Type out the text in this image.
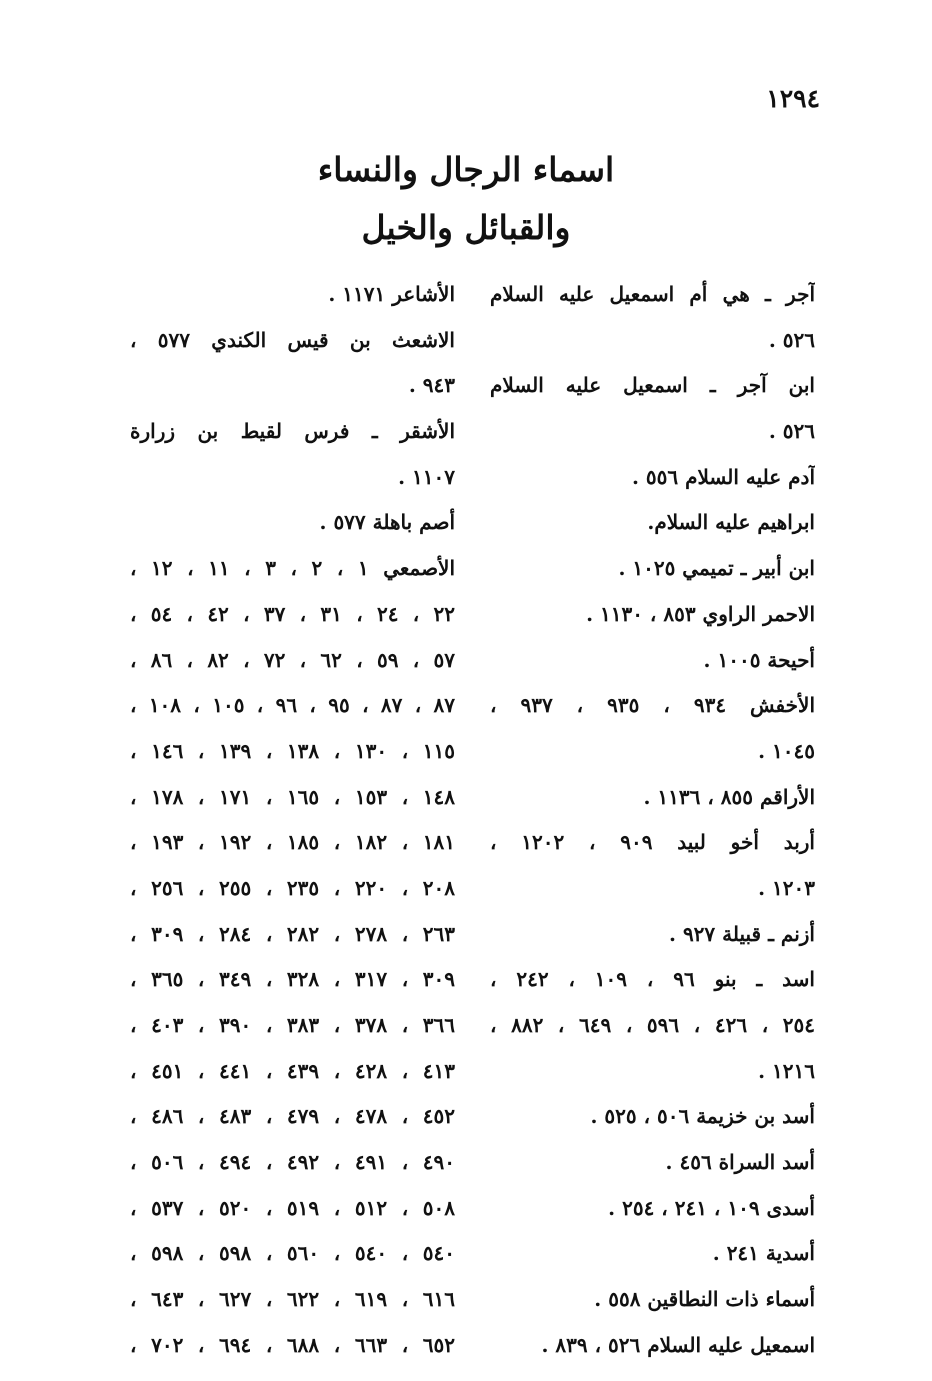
١٢٩٤
اسماء الرجال والنساء
والقبائل والخيل
آجر ـ هي أم اسمعيل عليه السلام
٥٢٦ .
ابن آجر ـ اسمعيل عليه السلام
٥٢٦ .
آدم عليه السلام ٥٥٦ .
ابراهيم عليه السلام.
ابن أبير ـ تميمي ١٠٢٥ .
الاحمر الراوي ٨٥٣ ، ١١٣٠ .
أحيحة ١٠٠٥ .
الأخفش ٩٣٤ ، ٩٣٥ ، ٩٣٧ ،
١٠٤٥ .
الأراقم ٨٥٥ ، ١١٣٦ .
أربد أخو لبيد ٩٠٩ ، ١٢٠٢ ،
١٢٠٣ .
أزنم ـ قبيلة ٩٢٧ .
اسد ـ بنو ٩٦ ، ١٠٩ ، ٢٤٢ ،
٢٥٤ ، ٤٢٦ ، ٥٩٦ ، ٦٤٩ ، ٨٨٢ ،
١٢١٦ .
أسد بن خزيمة ٥٠٦ ، ٥٢٥ .
أسد السراة ٤٥٦ .
أسدى ١٠٩ ، ٢٤١ ، ٢٥٤ .
أسدية ٢٤١ .
أسماء ذات النطاقين ٥٥٨ .
اسمعيل عليه السلام ٥٢٦ ، ٨٣٩ .
الأشاعر ١١٧١ .
الاشعث بن قيس الكندي ٥٧٧ ،
٩٤٣ .
الأشقر ـ فرس لقيط بن زرارة
١١٠٧ .
أصم باهلة ٥٧٧ .
الأصمعي ١ ، ٢ ، ٣ ، ١١ ، ١٢ ،
٢٢ ، ٢٤ ، ٣١ ، ٣٧ ، ٤٢ ، ٥٤ ،
٥٧ ، ٥٩ ، ٦٢ ، ٧٢ ، ٨٢ ، ٨٦ ،
٨٧ ، ٨٧ ، ٩٥ ، ٩٦ ، ١٠٥ ، ١٠٨ ،
١١٥ ، ١٣٠ ، ١٣٨ ، ١٣٩ ، ١٤٦ ،
١٤٨ ، ١٥٣ ، ١٦٥ ، ١٧١ ، ١٧٨ ،
١٨١ ، ١٨٢ ، ١٨٥ ، ١٩٢ ، ١٩٣ ،
٢٠٨ ، ٢٢٠ ، ٢٣٥ ، ٢٥٥ ، ٢٥٦ ،
٢٦٣ ، ٢٧٨ ، ٢٨٢ ، ٢٨٤ ، ٣٠٩ ،
٣٠٩ ، ٣١٧ ، ٣٢٨ ، ٣٤٩ ، ٣٦٥ ،
٣٦٦ ، ٣٧٨ ، ٣٨٣ ، ٣٩٠ ، ٤٠٣ ،
٤١٣ ، ٤٢٨ ، ٤٣٩ ، ٤٤١ ، ٤٥١ ،
٤٥٢ ، ٤٧٨ ، ٤٧٩ ، ٤٨٣ ، ٤٨٦ ،
٤٩٠ ، ٤٩١ ، ٤٩٢ ، ٤٩٤ ، ٥٠٦ ،
٥٠٨ ، ٥١٢ ، ٥١٩ ، ٥٢٠ ، ٥٣٧ ،
٥٤٠ ، ٥٤٠ ، ٥٦٠ ، ٥٩٨ ، ٥٩٨ ،
٦١٦ ، ٦١٩ ، ٦٢٢ ، ٦٢٧ ، ٦٤٣ ،
٦٥٢ ، ٦٦٣ ، ٦٨٨ ، ٦٩٤ ، ٧٠٢ ،
